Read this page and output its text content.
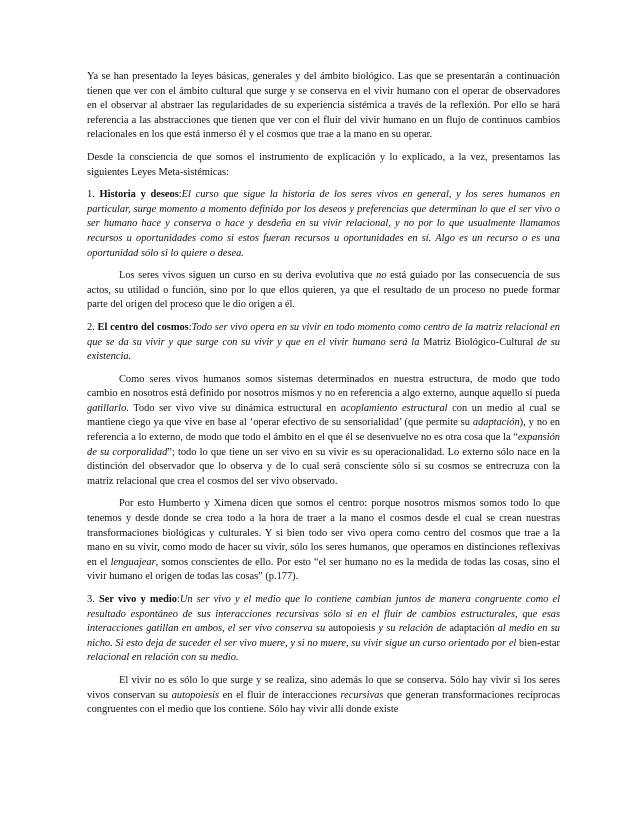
Ya se han presentado la leyes básicas, generales y del ámbito biológico. Las que se presentarán a continuación tienen que ver con el ámbito cultural que surge y se conserva en el vivir humano con el operar de observadores en el observar al abstraer las regularidades de su experiencia sistémica a través de la reflexión. Por ello se hará referencia a las abstracciones que tienen que ver con el fluir del vivir humano en un flujo de continuos cambios relacionales en los que está inmerso él y el cosmos que trae a la mano en su operar.

Desde la consciencia de que somos el instrumento de explicación y lo explicado, a la vez, presentamos las siguientes Leyes Meta-sistémicas:

1. Historia y deseos:El curso que sigue la historia de los seres vivos en general, y los seres humanos en particular, surge momento a momento definido por los deseos y preferencias que determinan lo que el ser vivo o ser humano hace y conserva o hace y desdeña en su vivir relacional, y no por lo que usualmente llamamos recursos u oportunidades como si estos fueran recursos u oportunidades en sí. Algo es un recurso o es una oportunidad sólo si lo quiere o desea.

Los seres vivos siguen un curso en su deriva evolutiva que no está guiado por las consecuencia de sus actos, su utilidad o función, sino por lo que ellos quieren, ya que el resultado de un proceso no puede formar parte del origen del proceso que le dio origen a él.

2. El centro del cosmos:Todo ser vivo opera en su vivir en todo momento como centro de la matriz relacional en que se da su vivir y que surge con su vivir y que en el vivir humano será la Matriz Biológico-Cultural de su existencia.

Como seres vivos humanos somos sistemas determinados en nuestra estructura, de modo que todo cambio en nosotros está definido por nosotros mismos y no en referencia a algo externo, aunque aquello sí pueda gatillarlo. Todo ser vivo vive su dinámica estructural en acoplamiento estructural con un medio al cual se mantiene ciego ya que vive en base al ‘operar efectivo de su sensorialidad’ (que permite su adaptación), y no en referencia a lo externo, de modo que todo el ámbito en el que él se desenvuelve no es otra cosa que la “expansión de su corporalidad”; todo lo que tiene un ser vivo en su vivir es su operacionalidad. Lo externo sólo nace en la distinción del observador que lo observa y de lo cual será consciente sólo si su cosmos se entrecruza con la matriz relacional que crea el cosmos del ser vivo observado.

Por esto Humberto y Ximena dicen que somos el centro: porque nosotros mismos somos todo lo que tenemos y desde donde se crea todo a la hora de traer a la mano el cosmos desde el cual se crean nuestras transformaciones biológicas y culturales. Y si bien todo ser vivo opera como centro del cosmos que trae a la mano en su vivir, como modo de hacer su vivir, sólo los seres humanos, que operamos en distinciones reflexivas en el lenguajear, somos conscientes de ello. Por esto “el ser humano no es la medida de todas las cosas, sino el vivir humano el origen de todas las cosas” (p.177).

3. Ser vivo y medio:Un ser vivo y el medio que lo contiene cambian juntos de manera congruente como el resultado espontáneo de sus interacciones recursivas sólo si en el fluir de cambios estructurales, que esas interacciones gatillan en ambos, el ser vivo conserva su autopoiesis y su relación de adaptación al medio en su nicho. Si esto deja de suceder el ser vivo muere, y si no muere, su vivir sigue un curso orientado por el bien-estar relacional en relación con su medio.

El vivir no es sólo lo que surge y se realiza, sino además lo que se conserva. Sólo hay vivir si los seres vivos conservan su autopoiesis en el fluir de interacciones recursivas que generan transformaciones recíprocas congruentes con el medio que los contiene. Sólo hay vivir allí donde existe
